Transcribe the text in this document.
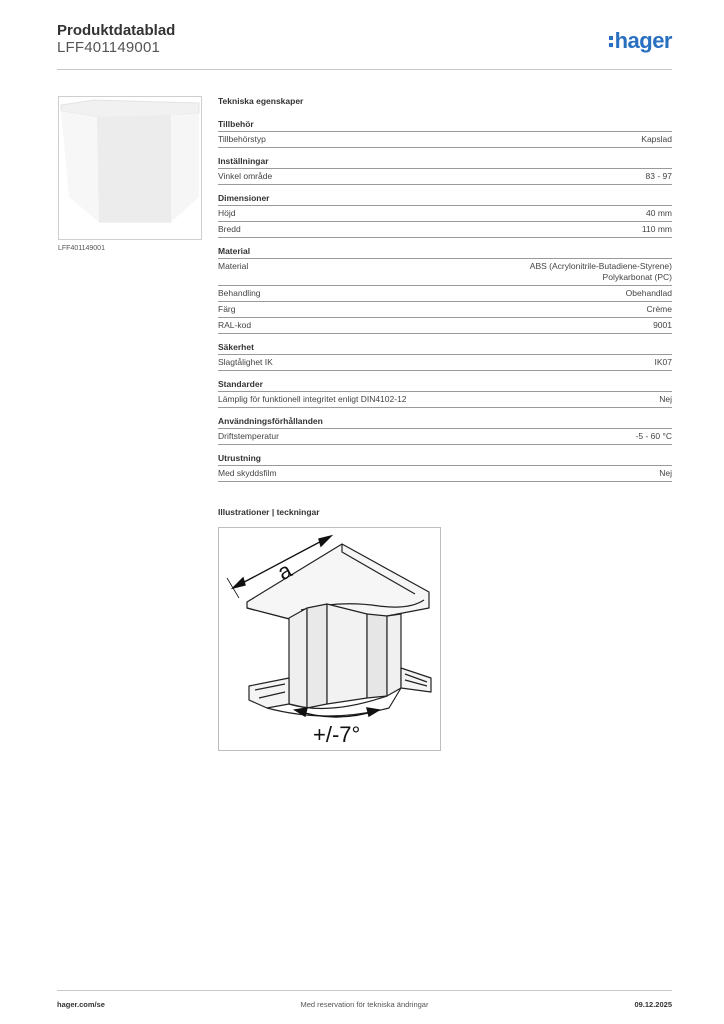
Produktdatablad
LFF401149001	hager
LFF401149001
Tekniska egenskaper
Tillbehör
Tillbehörstyp	Kapslad
Inställningar
Vinkel område	83 - 97
Dimensioner
Höjd	40 mm
Bredd	110 mm
Material
Material	ABS (Acrylonitrile-Butadiene-Styrene)
Polykarbonat (PC)
Behandling	Obehandlad
Färg	Crème
RAL-kod	9001
Säkerhet
Slagtålighet IK	IK07
Standarder
Lämplig för funktionell integritet enligt DIN4102-12	Nej
Användningsförhållanden
Driftstemperatur	-5 - 60 °C
Utrustning
Med skyddsfilm	Nej
Illustrationer | teckningar
a
+/-7°
hager.com/se	Med reservation för tekniska ändringar	09.12.2025
